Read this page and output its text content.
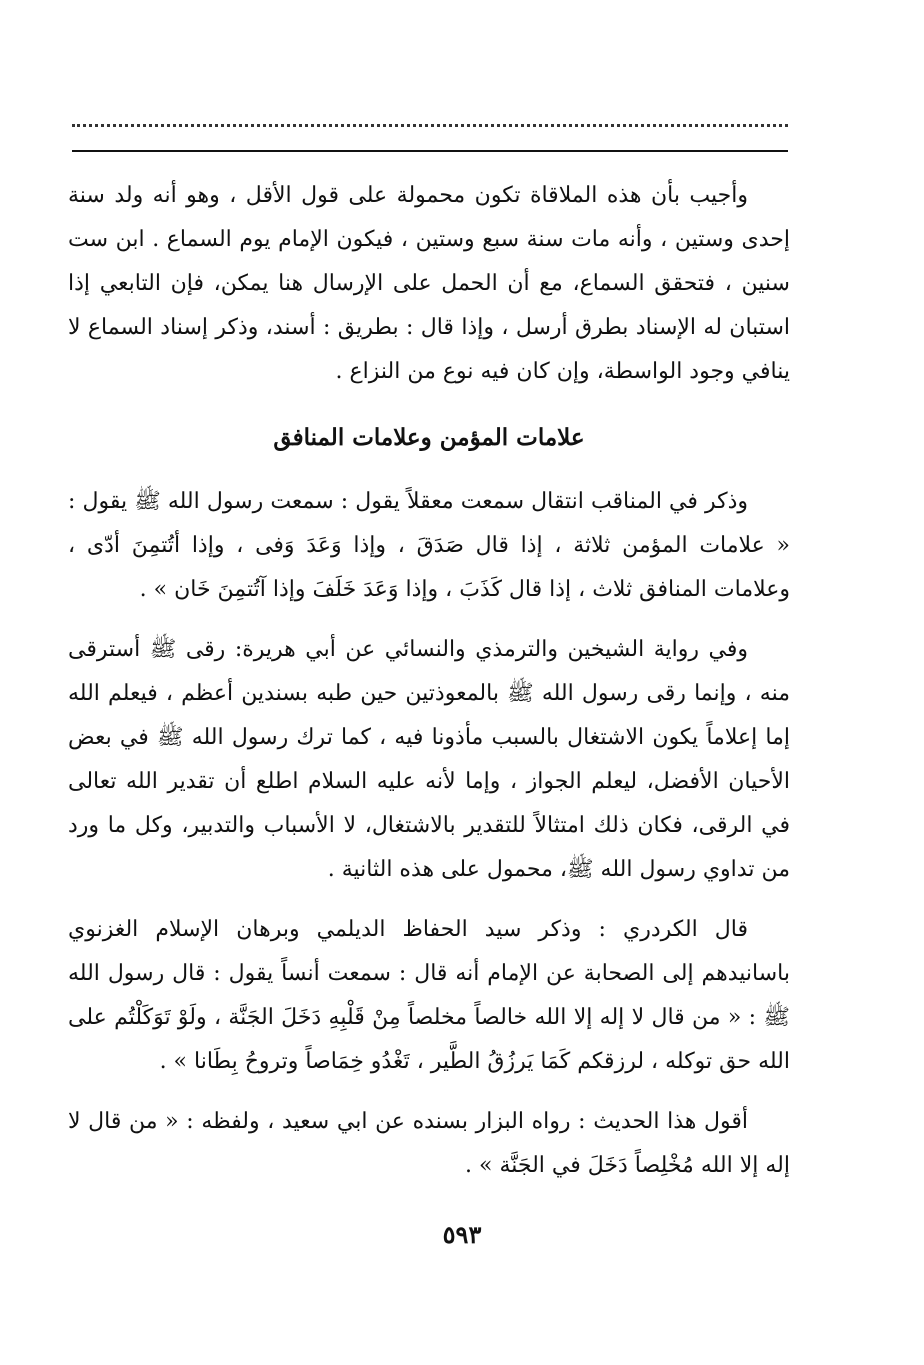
وأجيب بأن هذه الملاقاة تكون محمولة على قول الأقل ، وهو أنه ولد سنة إحدى وستين ، وأنه مات سنة سبع وستين ، فيكون الإمام يوم السماع . ابن ست سنين ، فتحقق السماع، مع أن الحمل على الإرسال هنا يمكن، فإن التابعي إذا استبان له الإسناد بطرق أرسل ، وإذا قال : بطريق : أسند، وذكر إسناد السماع لا ينافي وجود الواسطة، وإن كان فيه نوع من النزاع .

علامات المؤمن وعلامات المنافق

وذكر في المناقب انتقال سمعت معقلاً يقول : سمعت رسول الله ﷺ يقول : « علامات المؤمن ثلاثة ، إذا قال صَدَقَ ، وإذا وَعَدَ وَفى ، وإذا أتُتمِنَ أدّى ، وعلامات المنافق ثلاث ، إذا قال كَذَبَ ، وإذا وَعَدَ خَلَفَ وإذا آتُتمِنَ خَان » .

وفي رواية الشيخين والترمذي والنسائي عن أبي هريرة: رقى ﷺ أسترقى منه ، وإنما رقى رسول الله ﷺ بالمعوذتين حين طبه بسندين أعظم ، فيعلم الله إما إعلاماً يكون الاشتغال بالسبب مأذونا فيه ، كما ترك رسول الله ﷺ في بعض الأحيان الأفضل، ليعلم الجواز ، وإما لأنه عليه السلام اطلع أن تقدير الله تعالى في الرقى، فكان ذلك امتثالاً للتقدير بالاشتغال، لا الأسباب والتدبير، وكل ما ورد من تداوي رسول الله ﷺ، محمول على هذه الثانية .

قال الكردري : وذكر سيد الحفاظ الديلمي وبرهان الإسلام الغزنوي باسانيدهم إلى الصحابة عن الإمام أنه قال : سمعت أنساً يقول : قال رسول الله ﷺ : « من قال لا إله إلا الله خالصاً مخلصاً مِنْ قَلْبِهِ دَخَلَ الجَنَّة ، ولَوْ تَوَكَلْتُم على الله حق توكله ، لرزقكم كَمَا يَرزُقُ الطَّير ، تَغْدُو خِمَاصاً وتروحُ بِطَانا » .

أقول هذا الحديث : رواه البزار بسنده عن ابي سعيد ، ولفظه : « من قال لا إله إلا الله مُخْلِصاً دَخَلَ في الجَنَّة » .

٥٩٣
